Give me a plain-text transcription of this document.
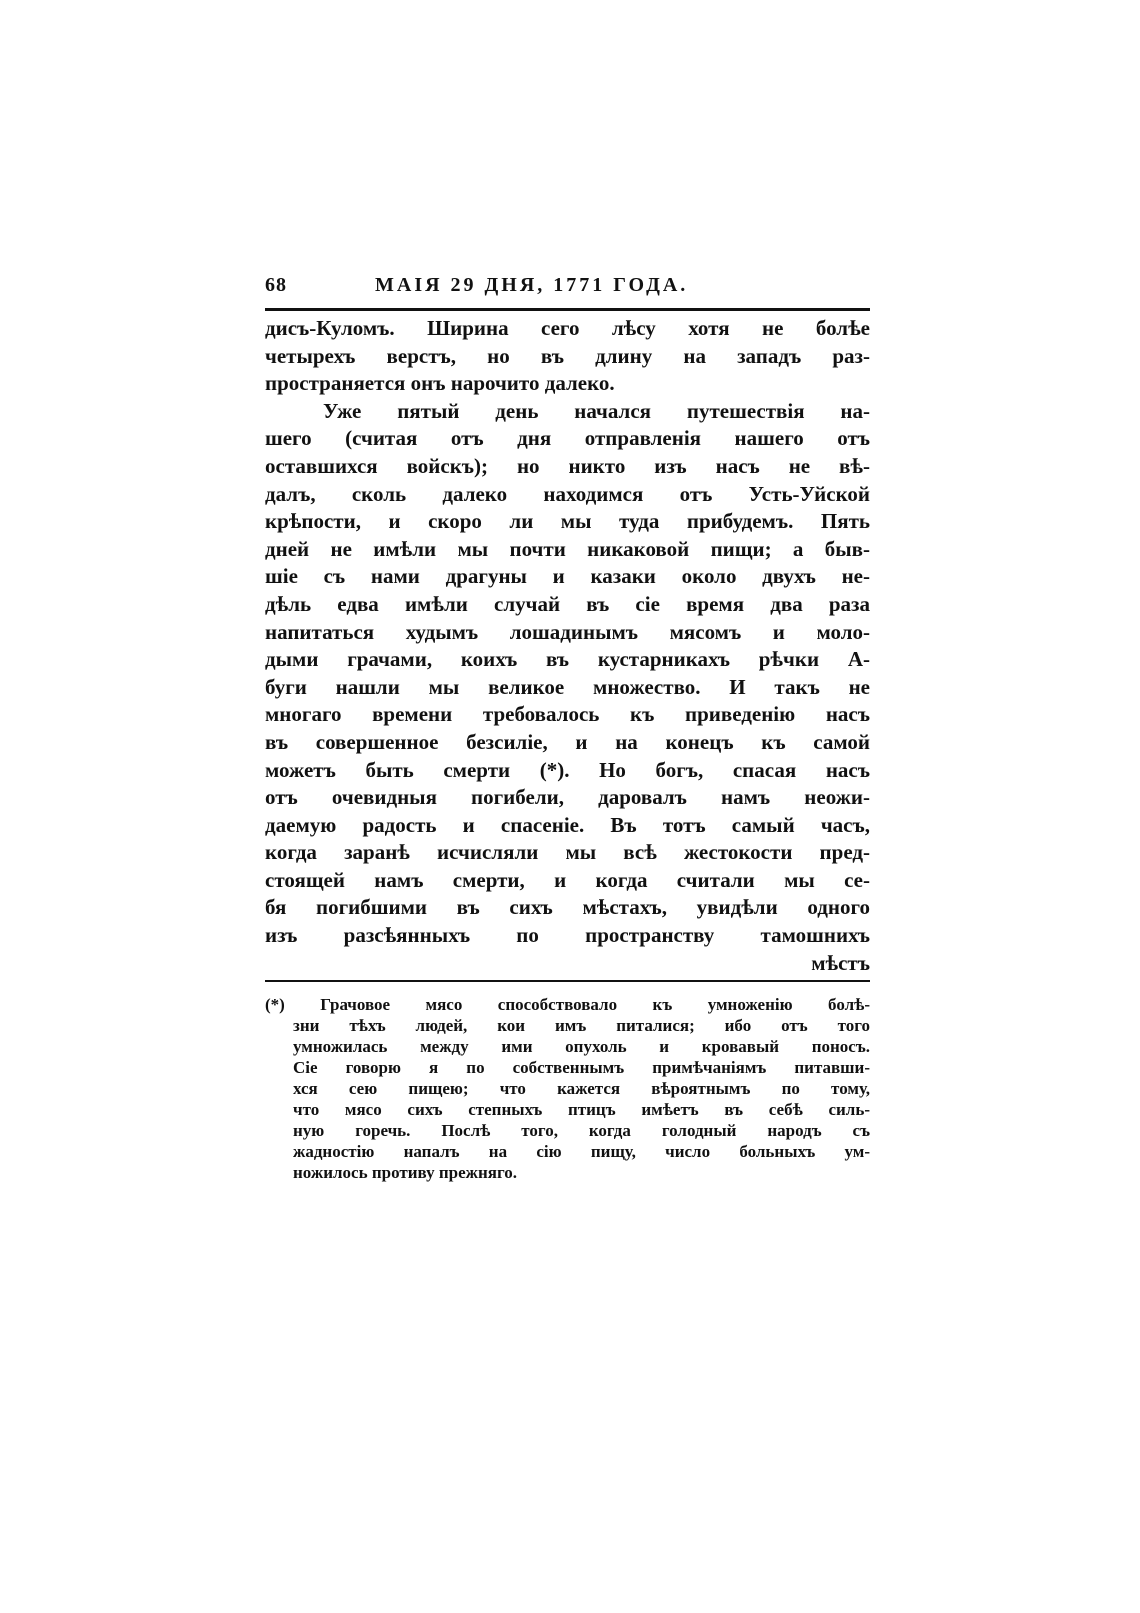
68	МАІЯ 29 ДНЯ, 1771 ГОДА.
дисъ-Куломъ. Ширина сего лѣсу хотя не болѣе
четырехъ верстъ, но въ длину на западъ раз-
пространяется онъ нарочито далеко.
Уже пятый день начался путешествія на-
шего (считая отъ дня отправленія нашего отъ
оставшихся войскъ); но никто изъ насъ не вѣ-
далъ, сколь далеко находимся отъ Усть-Уйской
крѣпости, и скоро ли мы туда прибудемъ. Пять
дней не имѣли мы почти никаковой пищи; а быв-
шіе съ нами драгуны и казаки около двухъ не-
дѣль едва имѣли случай въ сіе время два раза
напитаться худымъ лошадинымъ мясомъ и моло-
дыми грачами, коихъ въ кустарникахъ рѣчки А-
буги нашли мы великое множество. И такъ не
многаго времени требовалось къ приведенію насъ
въ совершенное безсиліе, и на конецъ къ самой
можетъ быть смерти (*). Но богъ, спасая насъ
отъ очевидныя погибели, даровалъ намъ неожи-
даемую радость и спасеніе. Въ тотъ самый часъ,
когда заранѣ исчисляли мы всѣ жестокости пред-
стоящей намъ смерти, и когда считали мы се-
бя погибшими въ сихъ мѣстахъ, увидѣли одного
изъ разсѣянныхъ по пространству тамошнихъ
мѣстъ
(*) Грачовое мясо способствовало къ умноженію болѣ-
зни тѣхъ людей, кои имъ питалися; ибо отъ того
умножилась между ими опухоль и кровавый поносъ.
Сіе говорю я по собственнымъ примѣчаніямъ питавши-
хся сею пищею; что кажется вѣроятнымъ по тому,
что мясо сихъ степныхъ птицъ имѣетъ въ себѣ силь-
ную горечь. Послѣ того, когда голодный народъ съ
жадностію напалъ на сію пищу, число больныхъ ум-
ножилось противу прежняго.
